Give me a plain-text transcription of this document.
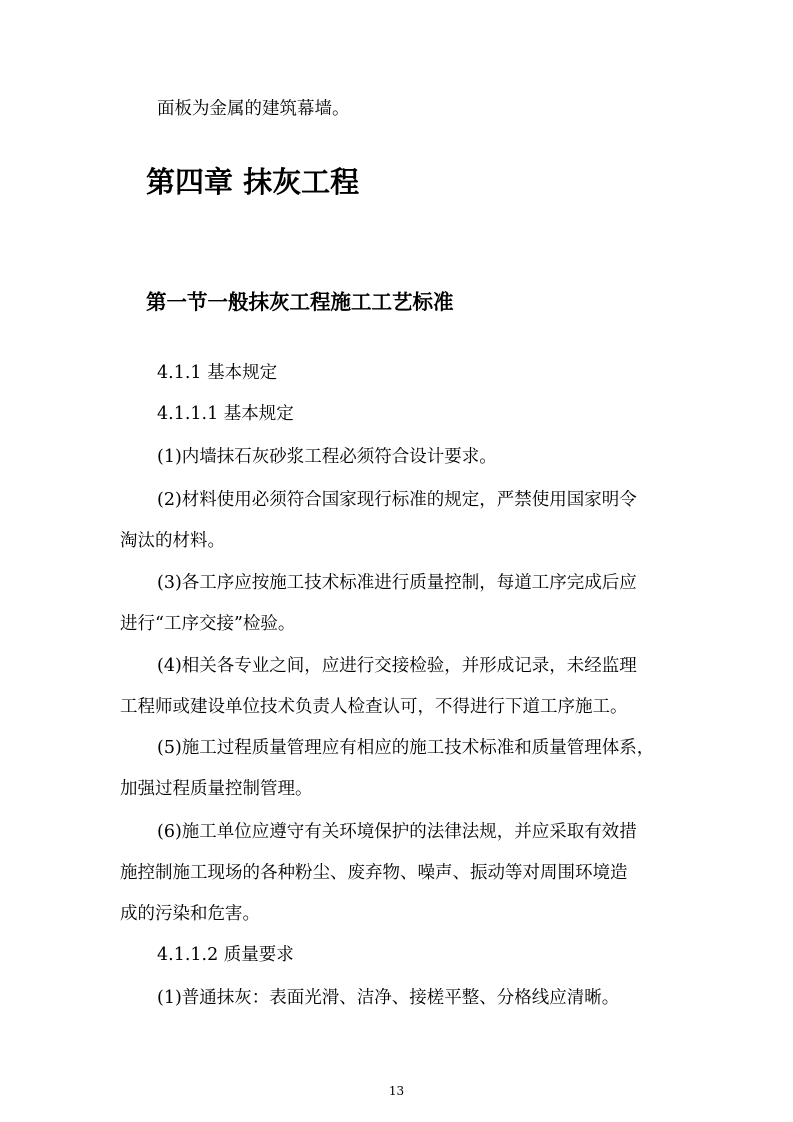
面板为金属的建筑幕墙。
第四章 抹灰工程
第一节一般抹灰工程施工工艺标准
4.1.1 基本规定
4.1.1.1 基本规定
(1)内墙抹石灰砂浆工程必须符合设计要求。
(2)材料使用必须符合国家现行标准的规定，严禁使用国家明令
淘汰的材料。
(3)各工序应按施工技术标准进行质量控制，每道工序完成后应
进行“工序交接”检验。
(4)相关各专业之间，应进行交接检验，并形成记录，未经监理
工程师或建设单位技术负责人检查认可，不得进行下道工序施工。
(5)施工过程质量管理应有相应的施工技术标准和质量管理体系，
加强过程质量控制管理。
(6)施工单位应遵守有关环境保护的法律法规，并应采取有效措
施控制施工现场的各种粉尘、废弃物、噪声、振动等对周围环境造
成的污染和危害。
4.1.1.2 质量要求
(1)普通抹灰：表面光滑、洁净、接槎平整、分格线应清晰。
13
